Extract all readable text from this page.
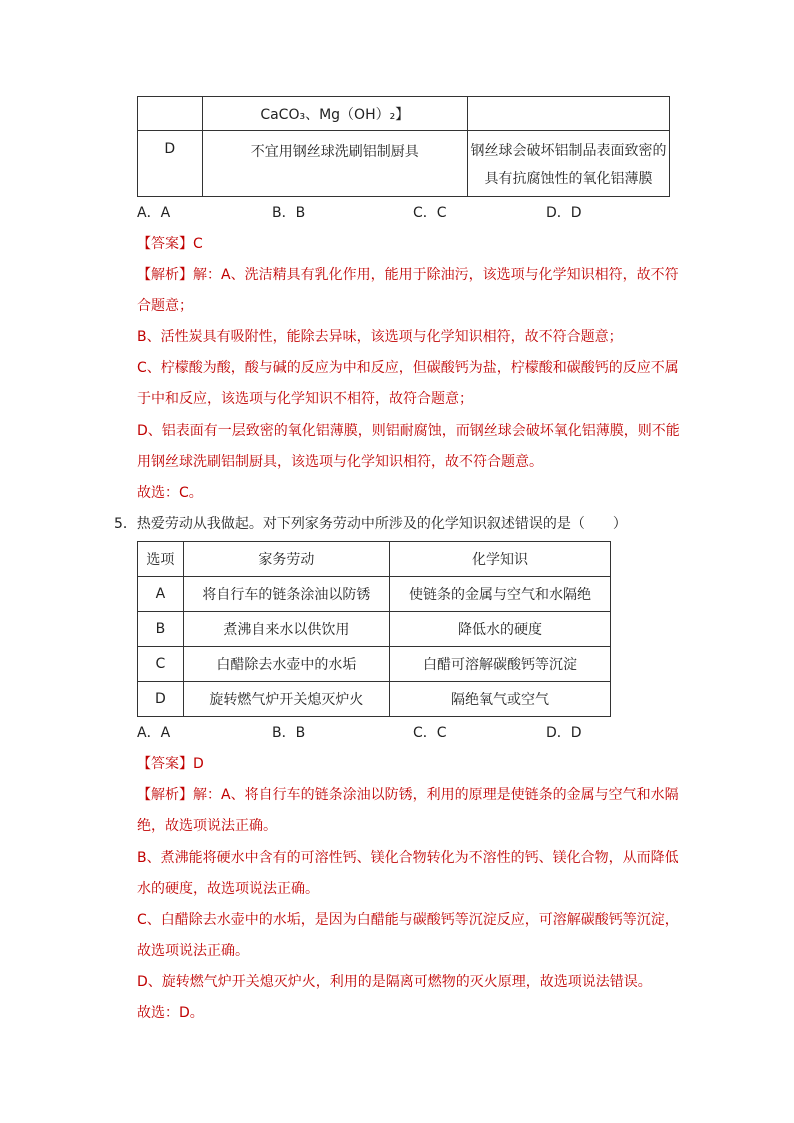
	CaCO₃、Mg（OH）₂】	
D	不宜用钢丝球洗刷铝制厨具	钢丝球会破坏铝制品表面致密的
具有抗腐蚀性的氧化铝薄膜
A．A	B．B	C．C	D．D
【答案】C
【解析】解：A、洗洁精具有乳化作用，能用于除油污，该选项与化学知识相符，故不符
合题意；
B、活性炭具有吸附性，能除去异味，该选项与化学知识相符，故不符合题意；
C、柠檬酸为酸，酸与碱的反应为中和反应，但碳酸钙为盐，柠檬酸和碳酸钙的反应不属
于中和反应，该选项与化学知识不相符，故符合题意；
D、铝表面有一层致密的氧化铝薄膜，则铝耐腐蚀，而钢丝球会破坏氧化铝薄膜，则不能
用钢丝球洗刷铝制厨具，该选项与化学知识相符，故不符合题意。
故选：C。
5．热爱劳动从我做起。对下列家务劳动中所涉及的化学知识叙述错误的是（　　）
选项	家务劳动	化学知识
A	将自行车的链条涂油以防锈	使链条的金属与空气和水隔绝
B	煮沸自来水以供饮用	降低水的硬度
C	白醋除去水壶中的水垢	白醋可溶解碳酸钙等沉淀
D	旋转燃气炉开关熄灭炉火	隔绝氧气或空气
A．A	B．B	C．C	D．D
【答案】D
【解析】解：A、将自行车的链条涂油以防锈，利用的原理是使链条的金属与空气和水隔
绝，故选项说法正确。
B、煮沸能将硬水中含有的可溶性钙、镁化合物转化为不溶性的钙、镁化合物，从而降低
水的硬度，故选项说法正确。
C、白醋除去水壶中的水垢，是因为白醋能与碳酸钙等沉淀反应，可溶解碳酸钙等沉淀，
故选项说法正确。
D、旋转燃气炉开关熄灭炉火，利用的是隔离可燃物的灭火原理，故选项说法错误。
故选：D。
